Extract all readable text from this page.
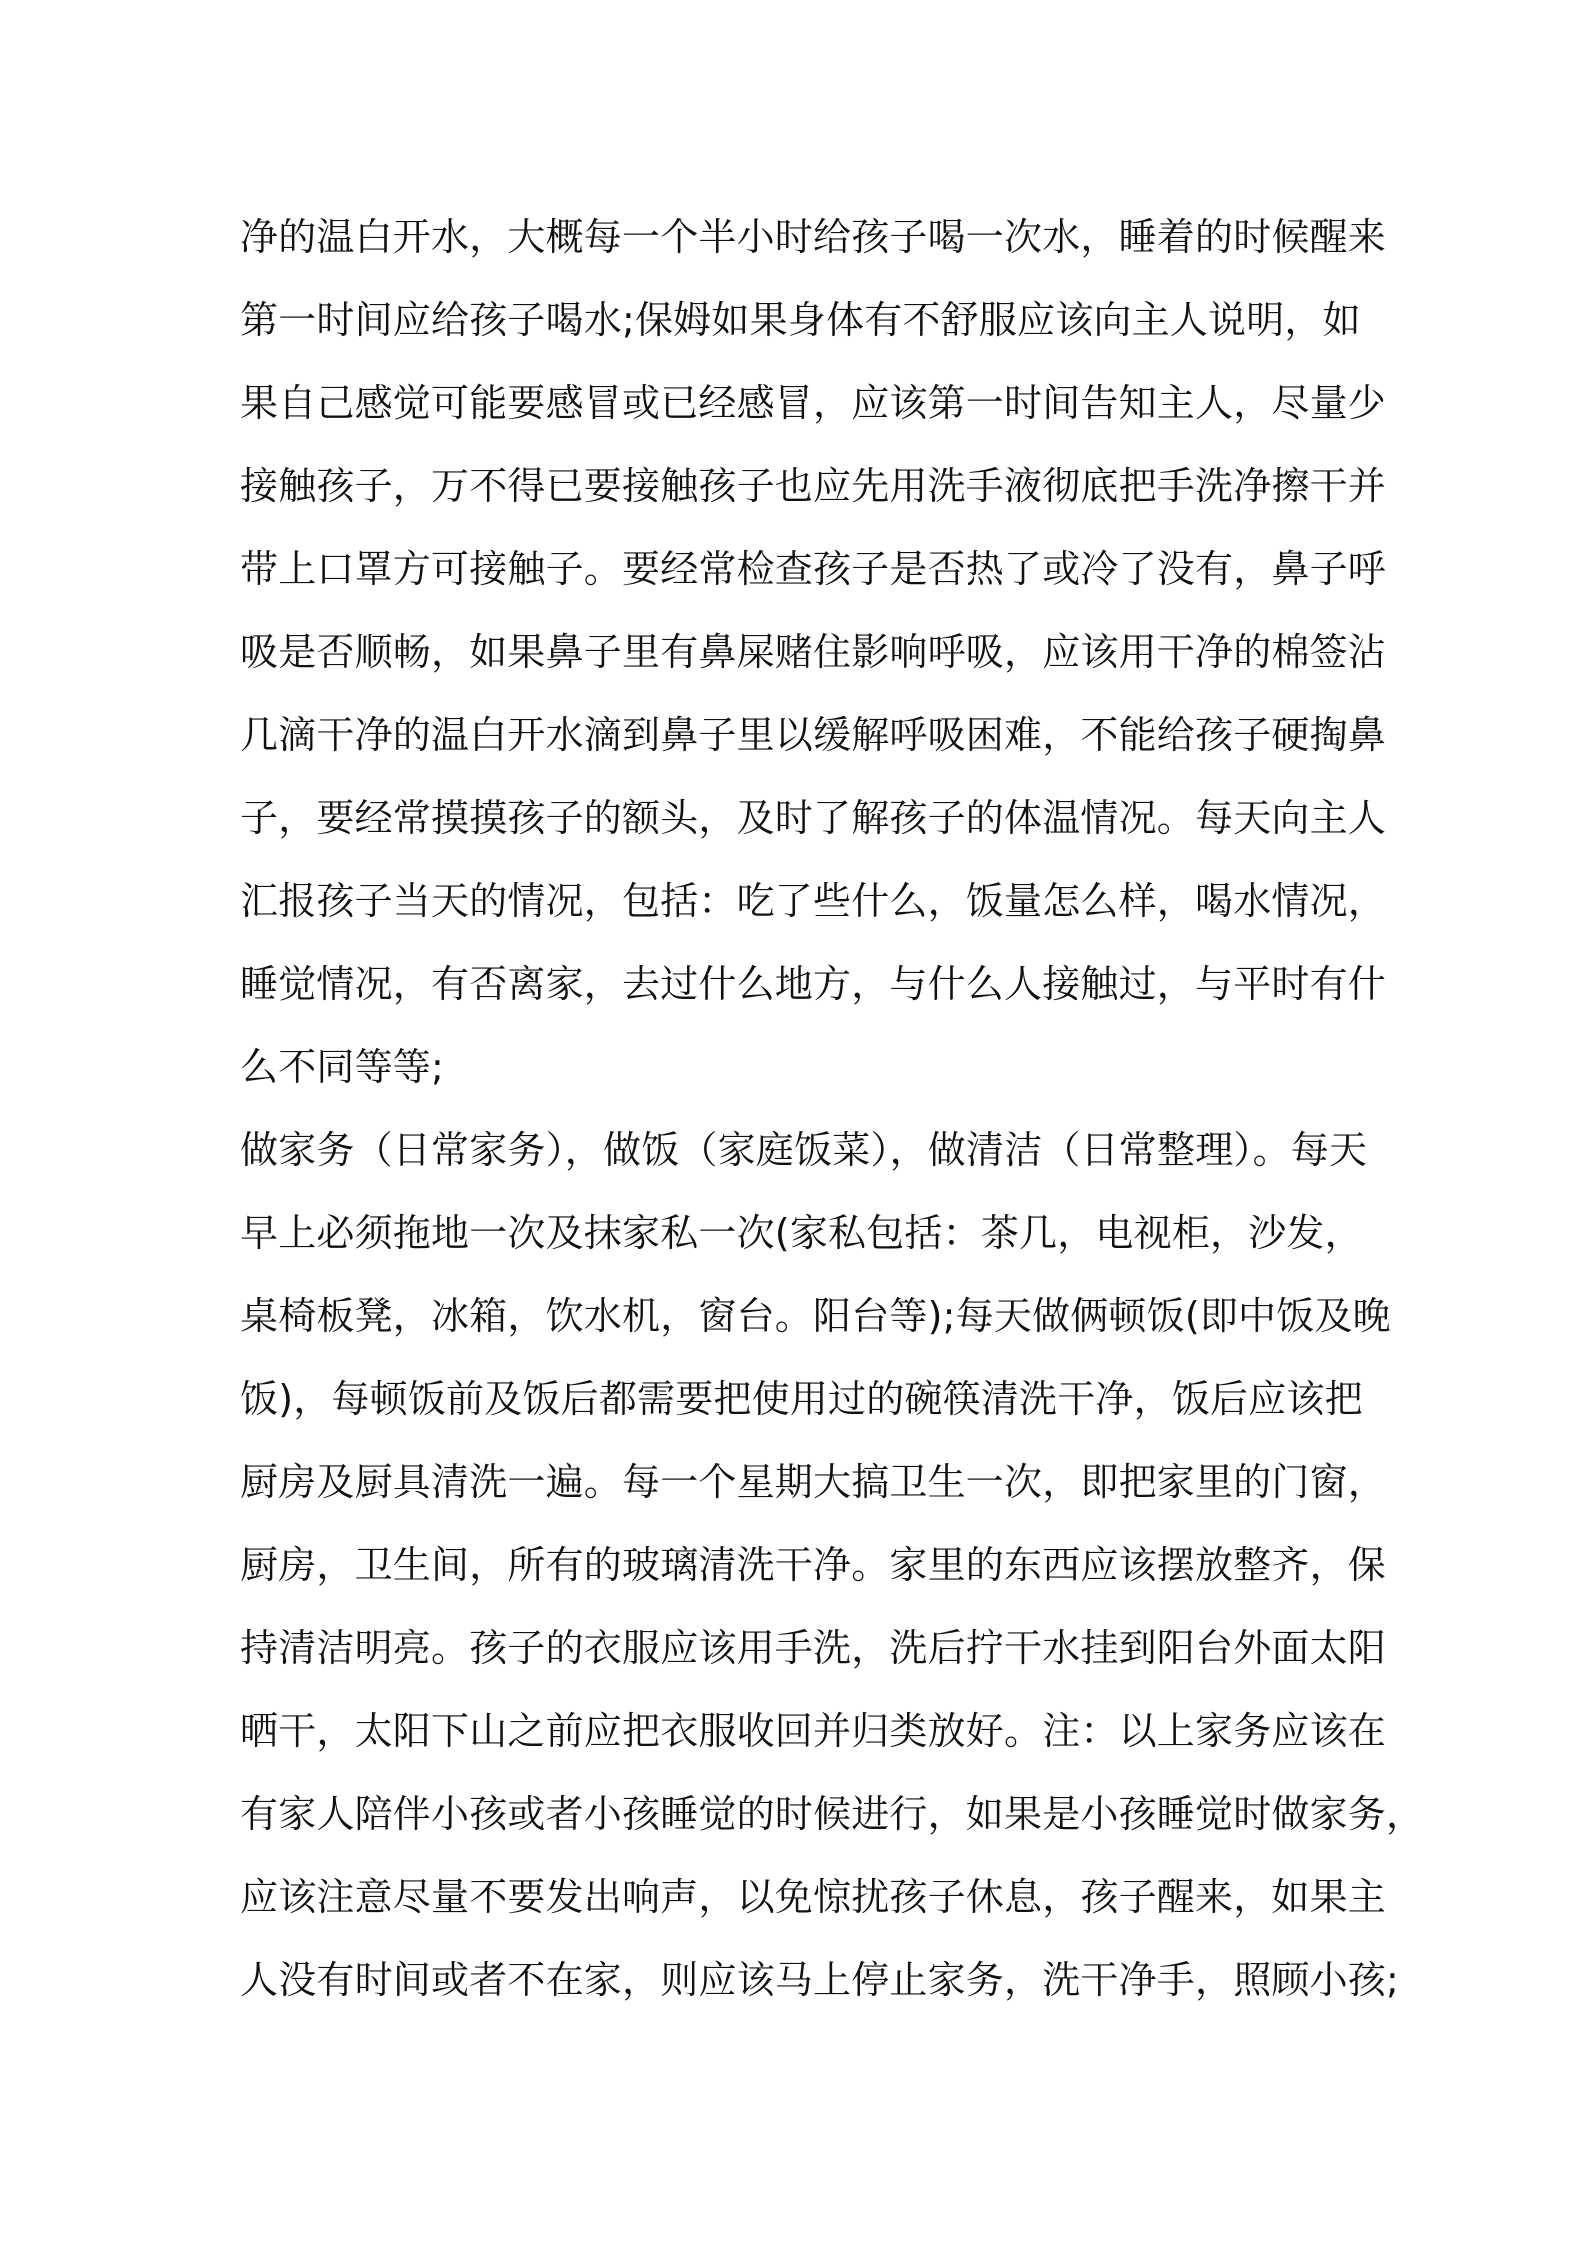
净的温白开水，大概每一个半小时给孩子喝一次水，睡着的时候醒来
第一时间应给孩子喝水;保姆如果身体有不舒服应该向主人说明，如
果自己感觉可能要感冒或已经感冒，应该第一时间告知主人，尽量少
接触孩子，万不得已要接触孩子也应先用洗手液彻底把手洗净擦干并
带上口罩方可接触子。要经常检查孩子是否热了或冷了没有，鼻子呼
吸是否顺畅，如果鼻子里有鼻屎赌住影响呼吸，应该用干净的棉签沾
几滴干净的温白开水滴到鼻子里以缓解呼吸困难，不能给孩子硬掏鼻
子，要经常摸摸孩子的额头，及时了解孩子的体温情况。每天向主人
汇报孩子当天的情况，包括：吃了些什么，饭量怎么样，喝水情况，
睡觉情况，有否离家，去过什么地方，与什么人接触过，与平时有什
么不同等等;
做家务（日常家务），做饭（家庭饭菜），做清洁（日常整理）。每天
早上必须拖地一次及抹家私一次(家私包括：茶几，电视柜，沙发，
桌椅板凳，冰箱，饮水机，窗台。阳台等);每天做俩顿饭(即中饭及晚
饭)，每顿饭前及饭后都需要把使用过的碗筷清洗干净，饭后应该把
厨房及厨具清洗一遍。每一个星期大搞卫生一次，即把家里的门窗，
厨房，卫生间，所有的玻璃清洗干净。家里的东西应该摆放整齐，保
持清洁明亮。孩子的衣服应该用手洗，洗后拧干水挂到阳台外面太阳
晒干，太阳下山之前应把衣服收回并归类放好。注：以上家务应该在
有家人陪伴小孩或者小孩睡觉的时候进行，如果是小孩睡觉时做家务，
应该注意尽量不要发出响声，以免惊扰孩子休息，孩子醒来，如果主
人没有时间或者不在家，则应该马上停止家务，洗干净手，照顾小孩;
